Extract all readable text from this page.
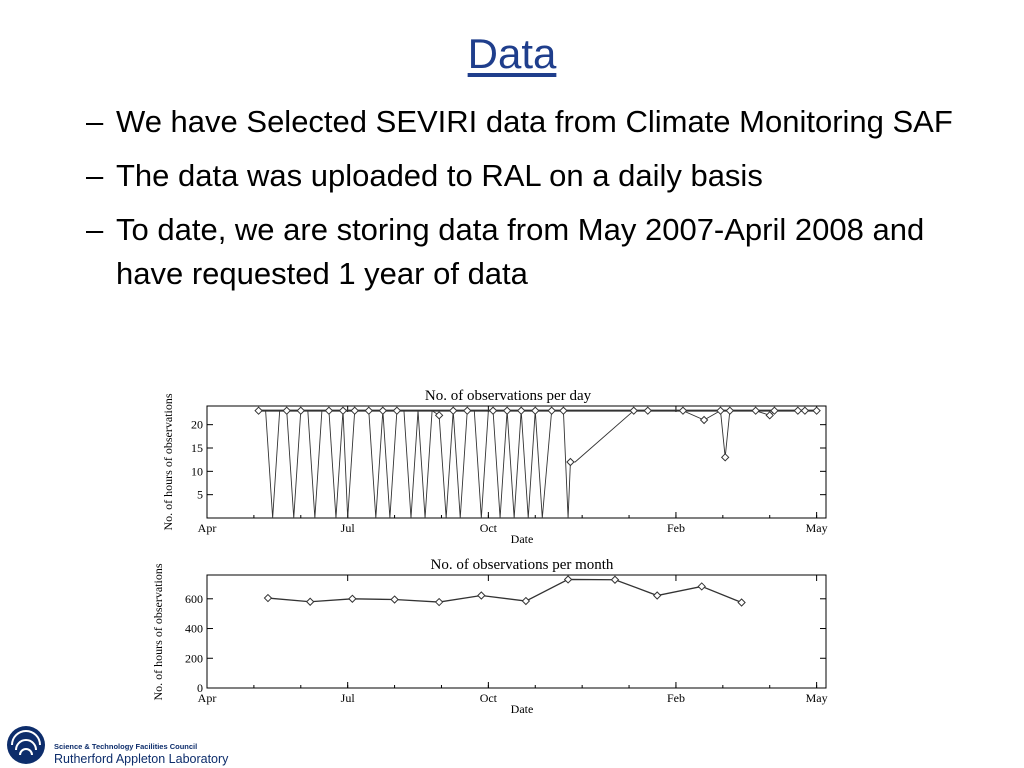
Data
– We have Selected SEVIRI data from Climate Monitoring SAF
– The data was uploaded to RAL on a daily basis
– To date, we are storing data from May 2007-April 2008 and have requested 1 year of data
No. of observations per day
Date
No. of hours of observations Apr	Jul	Oct	Feb	May
5
10
15
20
No. of observations per month
Date
No. of hours of observations	Apr	Jul	Oct	Feb	May
0
200
400
600
Science & Technology Facilities Council
Rutherford Appleton Laboratory
